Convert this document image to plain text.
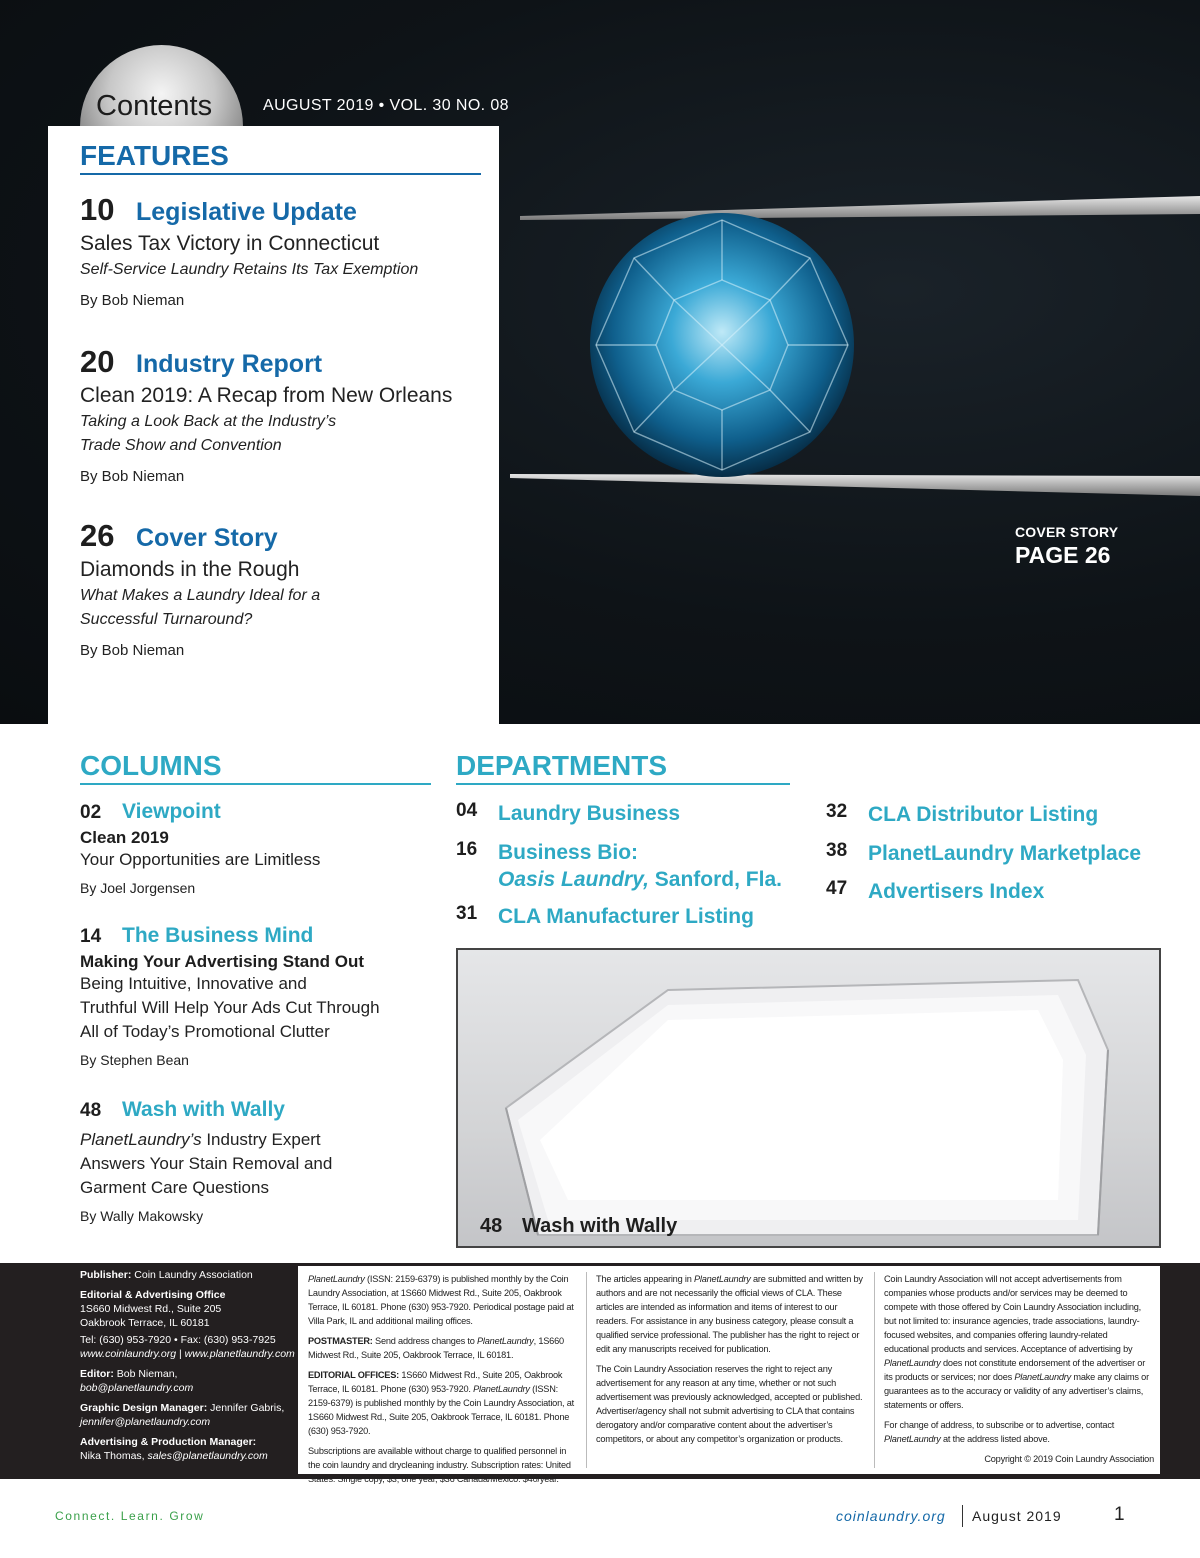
COVER STORY
PAGE 26
Contents	AUGUST 2019 • VOL. 30 NO. 08
FEATURES
10 Legislative Update
Sales Tax Victory in Connecticut
Self-Service Laundry Retains Its Tax Exemption
By Bob Nieman
20 Industry Report
Clean 2019: A Recap from New Orleans
Taking a Look Back at the Industry’s
Trade Show and Convention
By Bob Nieman
26 Cover Story
Diamonds in the Rough
What Makes a Laundry Ideal for a
Successful Turnaround?
By Bob Nieman
COLUMNS
02 Viewpoint
Clean 2019
Your Opportunities are Limitless
By Joel Jorgensen
14 The Business Mind
Making Your Advertising Stand Out
Being Intuitive, Innovative and
Truthful Will Help Your Ads Cut Through
All of Today’s Promotional Clutter
By Stephen Bean
48 Wash with Wally
PlanetLaundry’s Industry Expert
Answers Your Stain Removal and
Garment Care Questions
By Wally Makowsky
DEPARTMENTS
04 Laundry Business
16 Business Bio:
Oasis Laundry, Sanford, Fla.
31 CLA Manufacturer Listing
32 CLA Distributor Listing
38 PlanetLaundry Marketplace
47 Advertisers Index
48 Wash with Wally
Publisher: Coin Laundry Association
Editorial & Advertising Office
1S660 Midwest Rd., Suite 205
Oakbrook Terrace, IL 60181
Tel: (630) 953-7920 • Fax: (630) 953-7925
www.coinlaundry.org | www.planetlaundry.com
Editor: Bob Nieman,
bob@planetlaundry.com
Graphic Design Manager: Jennifer Gabris,
jennifer@planetlaundry.com
Advertising & Production Manager:
Nika Thomas, sales@planetlaundry.com

PlanetLaundry (ISSN: 2159-6379) is published monthly by the Coin Laundry Association, at 1S660 Midwest Rd., Suite 205, Oakbrook Terrace, IL 60181. Phone (630) 953-7920. Periodical postage paid at Villa Park, IL and additional mailing offices.

POSTMASTER: Send address changes to PlanetLaundry, 1S660 Midwest Rd., Suite 205, Oakbrook Terrace, IL 60181.

EDITORIAL OFFICES: 1S660 Midwest Rd., Suite 205, Oakbrook Terrace, IL 60181. Phone (630) 953-7920. PlanetLaundry (ISSN: 2159-6379) is published monthly by the Coin Laundry Association, at 1S660 Midwest Rd., Suite 205, Oakbrook Terrace, IL 60181. Phone (630) 953-7920.

Subscriptions are available without charge to qualified personnel in the coin laundry and drycleaning industry. Subscription rates: United States: Single copy, $3; one year, $36 Canada/Mexico: $40/year.

The articles appearing in PlanetLaundry are submitted and written by authors and are not necessarily the official views of CLA. These articles are intended as information and items of interest to our readers. For assistance in any business category, please consult a qualified service professional. The publisher has the right to reject or edit any manuscripts received for publication.

The Coin Laundry Association reserves the right to reject any advertisement for any reason at any time, whether or not such advertisement was previously acknowledged, accepted or published. Advertiser/agency shall not submit advertising to CLA that contains derogatory and/or comparative content about the advertiser’s competitors, or about any competitor’s organization or products.

Coin Laundry Association will not accept advertisements from companies whose products and/or services may be deemed to compete with those offered by Coin Laundry Association including, but not limited to: insurance agencies, trade associations, laundry-focused websites, and companies offering laundry-related educational products and services. Acceptance of advertising by PlanetLaundry does not constitute endorsement of the advertiser or its products or services; nor does PlanetLaundry make any claims or guarantees as to the accuracy or validity of any advertiser’s claims, statements or offers.

For change of address, to subscribe or to advertise, contact PlanetLaundry at the address listed above.

Copyright © 2019 Coin Laundry Association

Connect. Learn. Grow	coinlaundry.org August 2019	1
